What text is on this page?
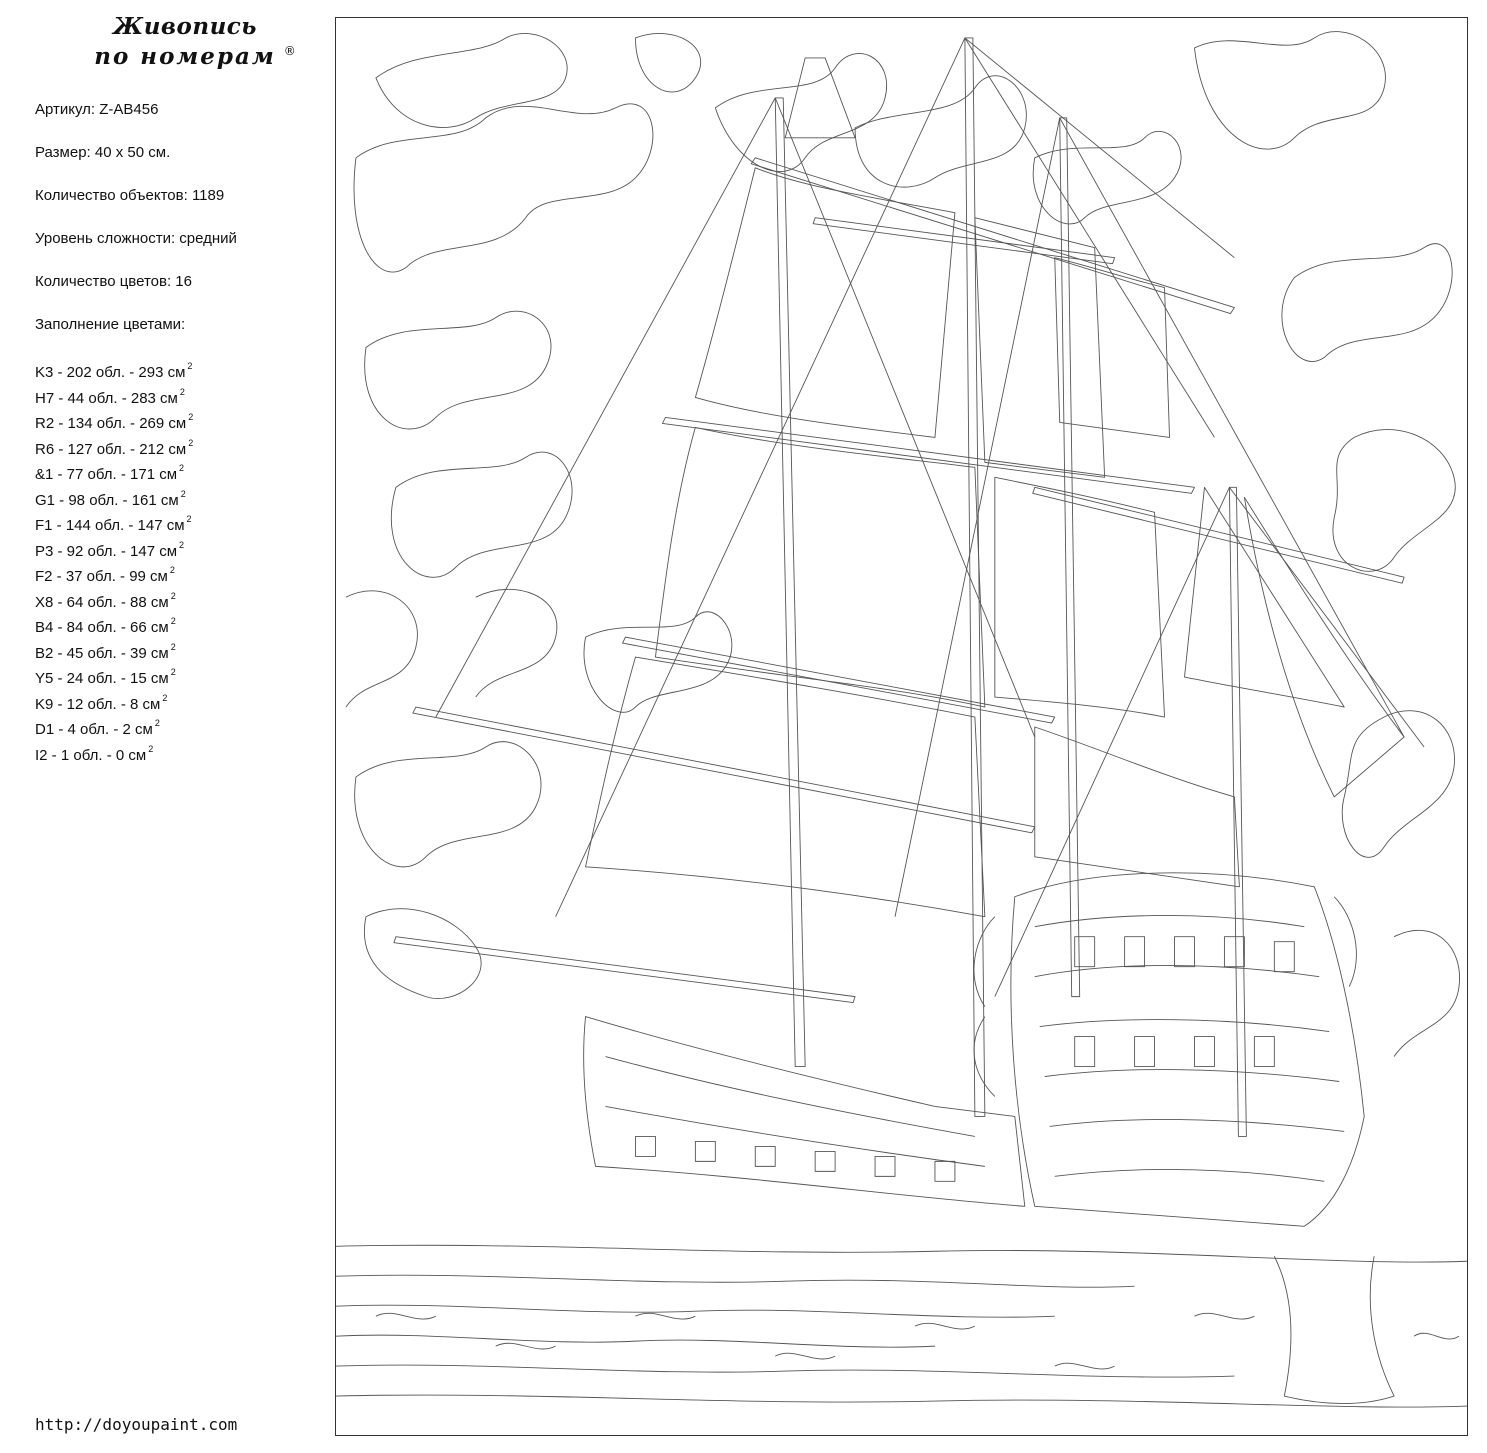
Живопись
по номерам ®
Артикул: Z-AB456
Размер: 40 х 50 см.
Количество объектов: 1189
Уровень сложности: средний
Количество цветов: 16
Заполнение цветами:
K3 - 202 обл. - 293 см $^2$
H7 - 44 обл. - 283 см $^2$
R2 - 134 обл. - 269 см $^2$
R6 - 127 обл. - 212 см $^2$
&1 - 77 обл. - 171 см $^2$
G1 - 98 обл. - 161 см $^2$
F1 - 144 обл. - 147 см $^2$
P3 - 92 обл. - 147 см $^2$
F2 - 37 обл. - 99 см $^2$
X8 - 64 обл. - 88 см $^2$
B4 - 84 обл. - 66 см $^2$
B2 - 45 обл. - 39 см $^2$
Y5 - 24 обл. - 15 см $^2$
K9 - 12 обл. - 8 см $^2$
D1 - 4 обл. - 2 см $^2$
I2 - 1 обл. - 0 см $^2$
http://doyoupaint.com
